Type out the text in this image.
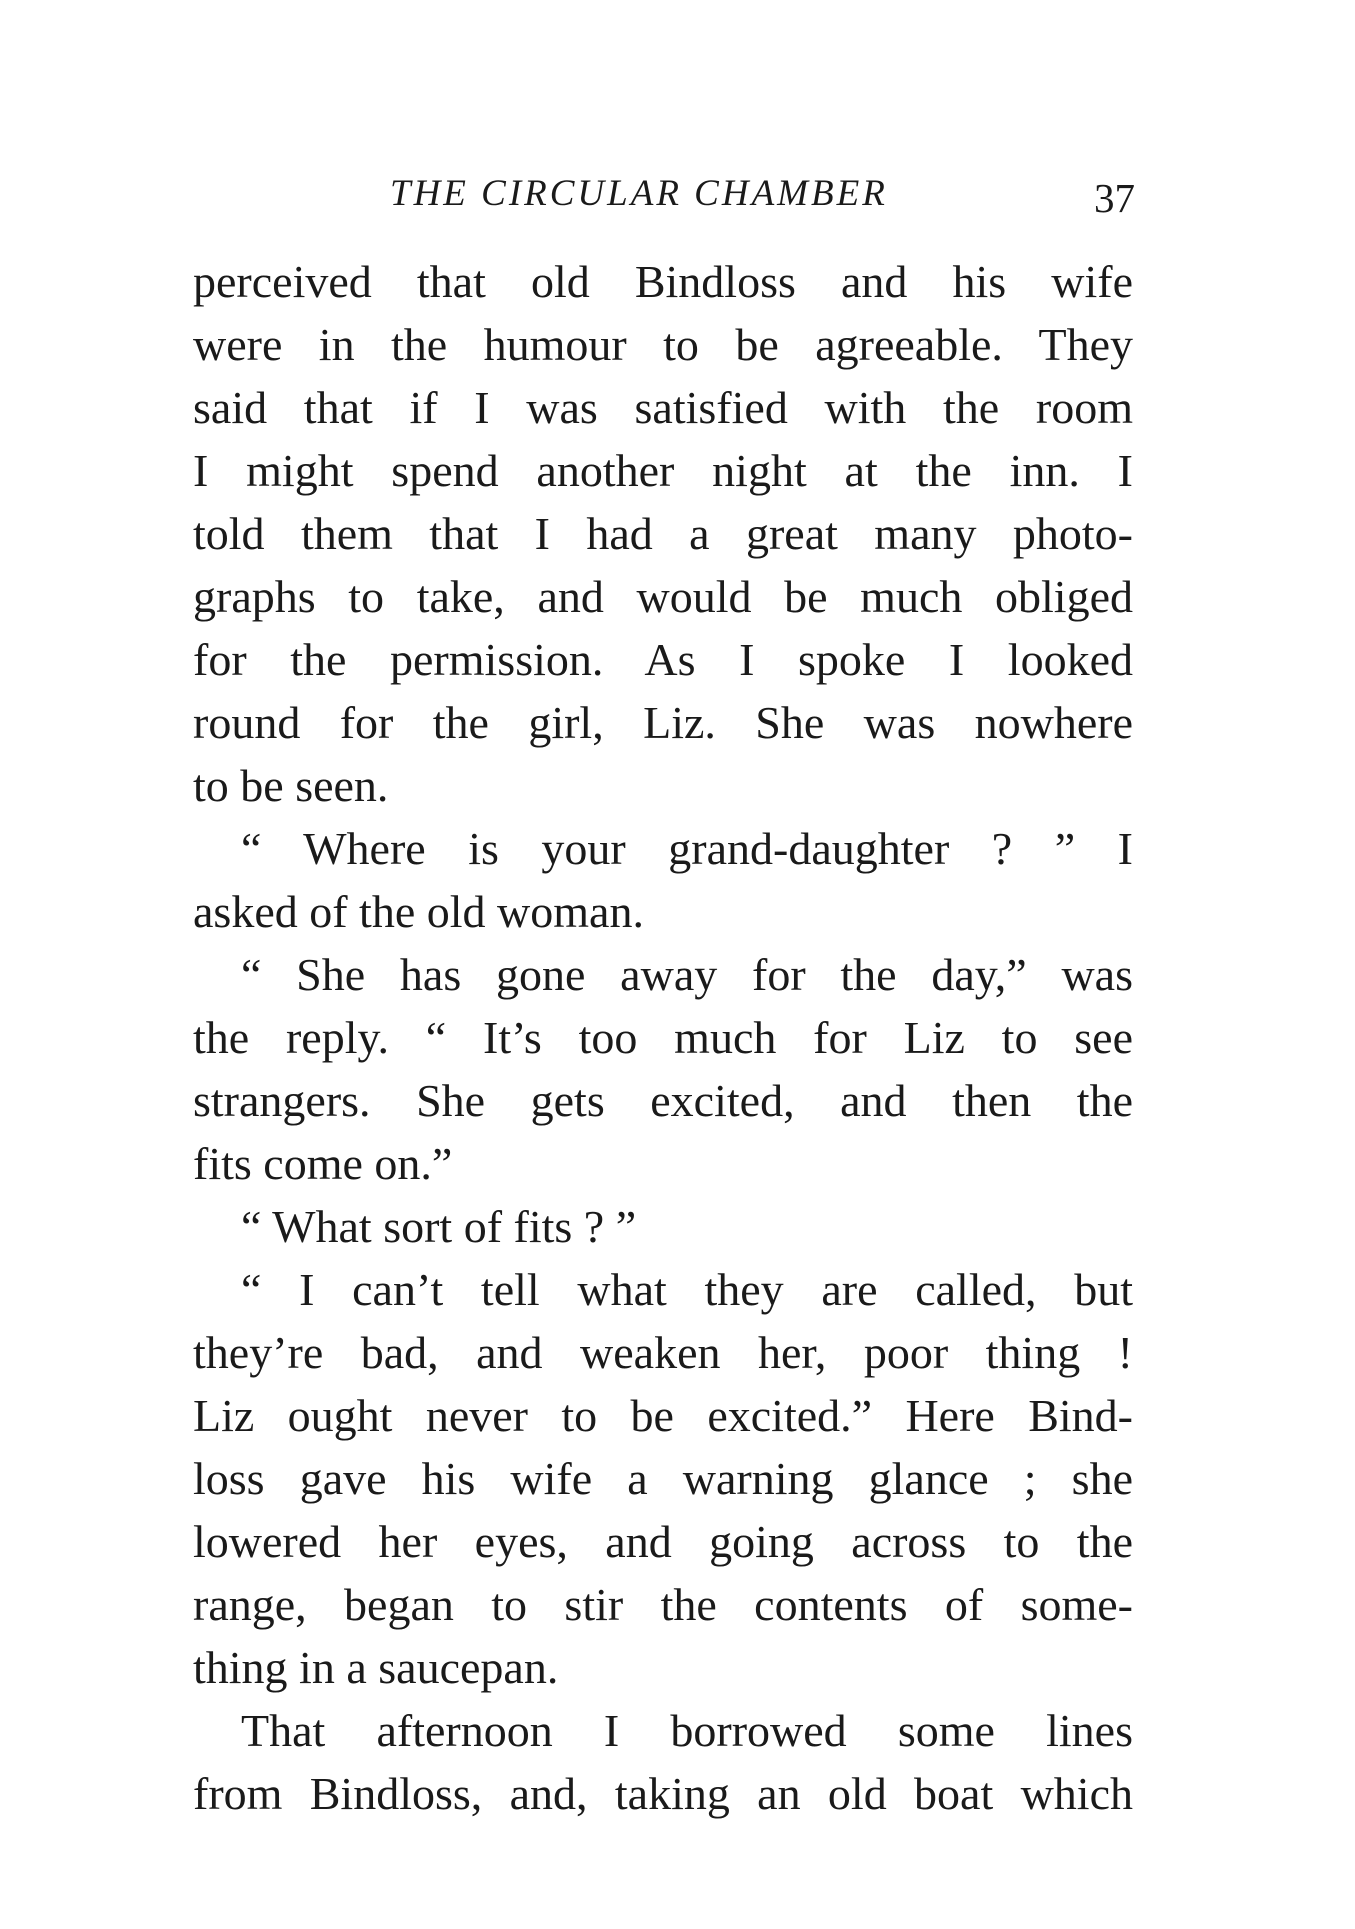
THE CIRCULAR CHAMBER	37
perceived that old Bindloss and his wife
were in the humour to be agreeable. They
said that if I was satisfied with the room
I might spend another night at the inn. I
told them that I had a great many photo-
graphs to take, and would be much obliged
for the permission. As I spoke I looked
round for the girl, Liz. She was nowhere
to be seen.
“ Where is your grand-daughter ? ” I
asked of the old woman.
“ She has gone away for the day,” was
the reply. “ It’s too much for Liz to see
strangers. She gets excited, and then the
fits come on.”
“ What sort of fits ? ”
“ I can’t tell what they are called, but
they’re bad, and weaken her, poor thing !
Liz ought never to be excited.” Here Bind-
loss gave his wife a warning glance ; she
lowered her eyes, and going across to the
range, began to stir the contents of some-
thing in a saucepan.
That afternoon I borrowed some lines
from Bindloss, and, taking an old boat which
